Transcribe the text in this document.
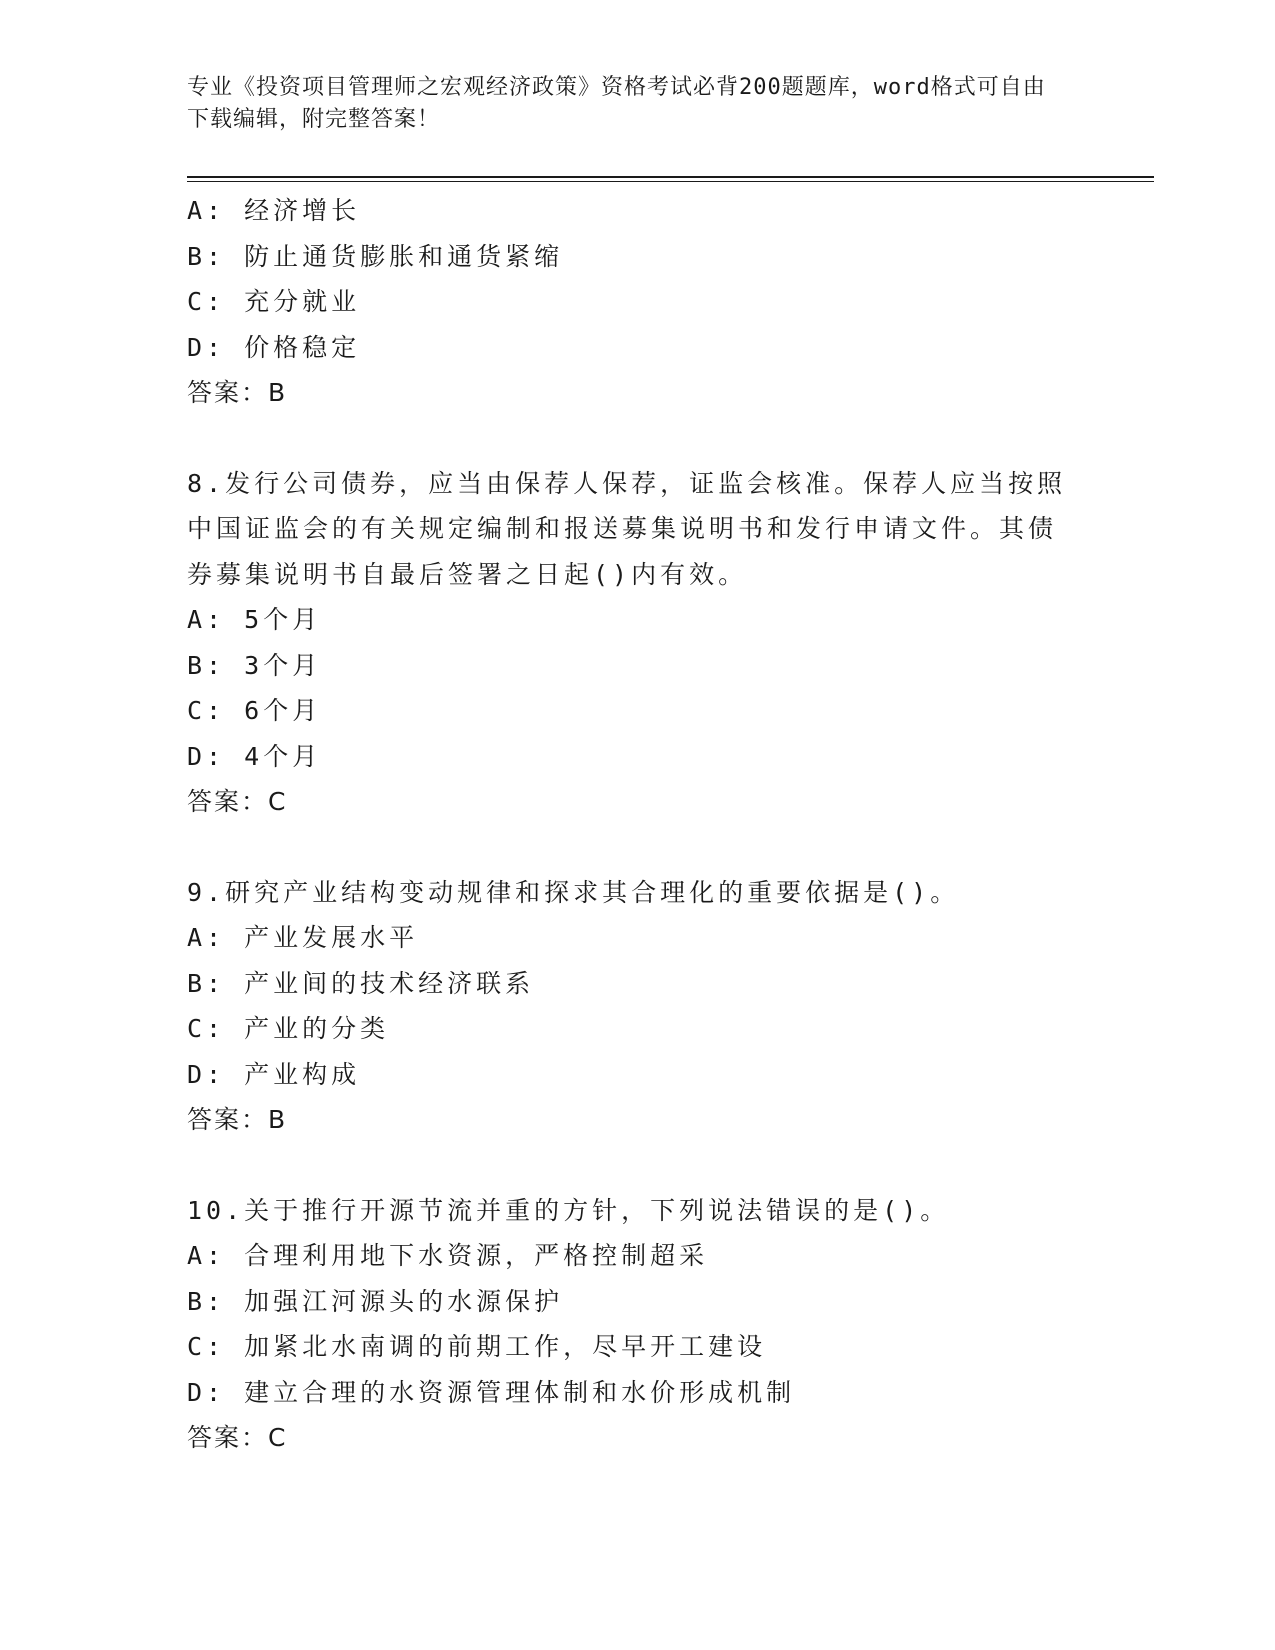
专业《投资项目管理师之宏观经济政策》资格考试必背200题题库，word格式可自由下载编辑，附完整答案！
A: 经济增长
B: 防止通货膨胀和通货紧缩
C: 充分就业
D: 价格稳定
答案：B
8.发行公司债券，应当由保荐人保荐，证监会核准。保荐人应当按照中国证监会的有关规定编制和报送募集说明书和发行申请文件。其债券募集说明书自最后签署之日起()内有效。
A: 5个月
B: 3个月
C: 6个月
D: 4个月
答案：C
9.研究产业结构变动规律和探求其合理化的重要依据是()。
A: 产业发展水平
B: 产业间的技术经济联系
C: 产业的分类
D: 产业构成
答案：B
10.关于推行开源节流并重的方针，下列说法错误的是()。
A: 合理利用地下水资源，严格控制超采
B: 加强江河源头的水源保护
C: 加紧北水南调的前期工作，尽早开工建设
D: 建立合理的水资源管理体制和水价形成机制
答案：C
